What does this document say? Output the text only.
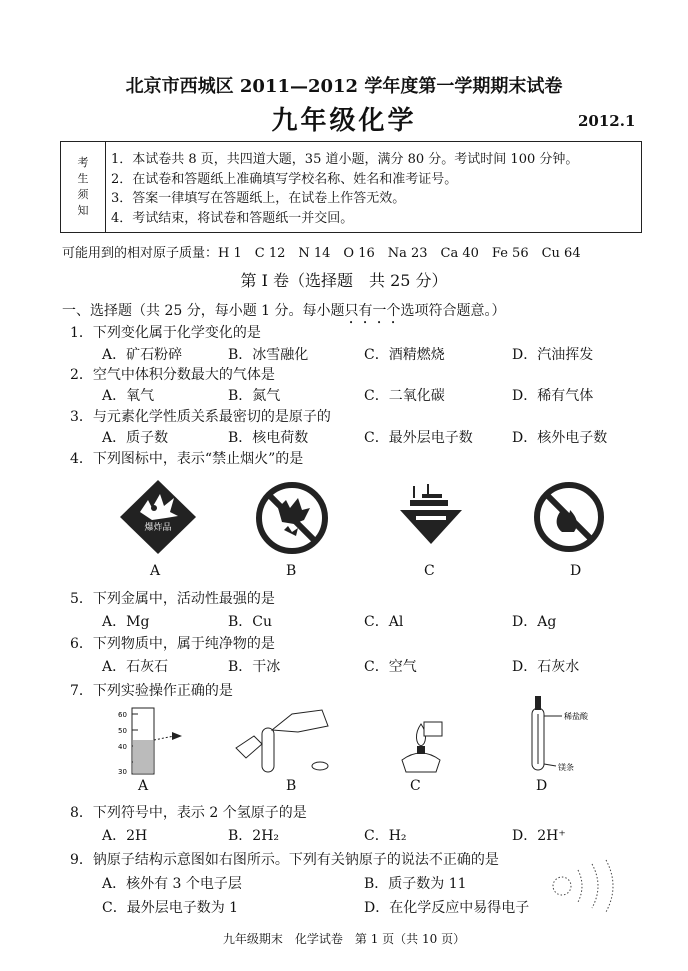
北京市西城区 2011—2012 学年度第一学期期末试卷
九年级化学	2012.1
考
生
须
知
1．本试卷共 8 页，共四道大题，35 道小题，满分 80 分。考试时间 100 分钟。
2．在试卷和答题纸上准确填写学校名称、姓名和准考证号。
3．答案一律填写在答题纸上，在试卷上作答无效。
4．考试结束，将试卷和答题纸一并交回。
可能用到的相对原子质量：H 1　C 12　N 14　O 16　Na 23　Ca 40　Fe 56　Cu 64
第 I 卷（选择题　共 25 分）
一、选择题（共 25 分，每小题 1 分。每小题只有一个选项符合题意。）
1．下列变化属于化学变化的是
A．矿石粉碎	B．冰雪融化	C．酒精燃烧	D．汽油挥发
2．空气中体积分数最大的气体是
A．氧气	B．氮气	C．二氧化碳	D．稀有气体
3．与元素化学性质关系最密切的是原子的
A．质子数	B．核电荷数	C．最外层电子数	D．核外电子数
4．下列图标中，表示“禁止烟火”的是
爆炸品
A	B	C	D
5．下列金属中，活动性最强的是
A．Mg	B．Cu	C．Al	D．Ag
6．下列物质中，属于纯净物的是
A．石灰石	B．干冰	C．空气	D．石灰水
7．下列实验操作正确的是
60
50
40
30
稀盐酸
镁条
A	B	C	D
8．下列符号中，表示 2 个氢原子的是
A．2H	B．2H₂	C．H₂	D．2H⁺
9．钠原子结构示意图如右图所示。下列有关钠原子的说法不正确的是
A．核外有 3 个电子层	B．质子数为 11
C．最外层电子数为 1	D．在化学反应中易得电子
九年级期末　化学试卷　第 1 页（共 10 页）
